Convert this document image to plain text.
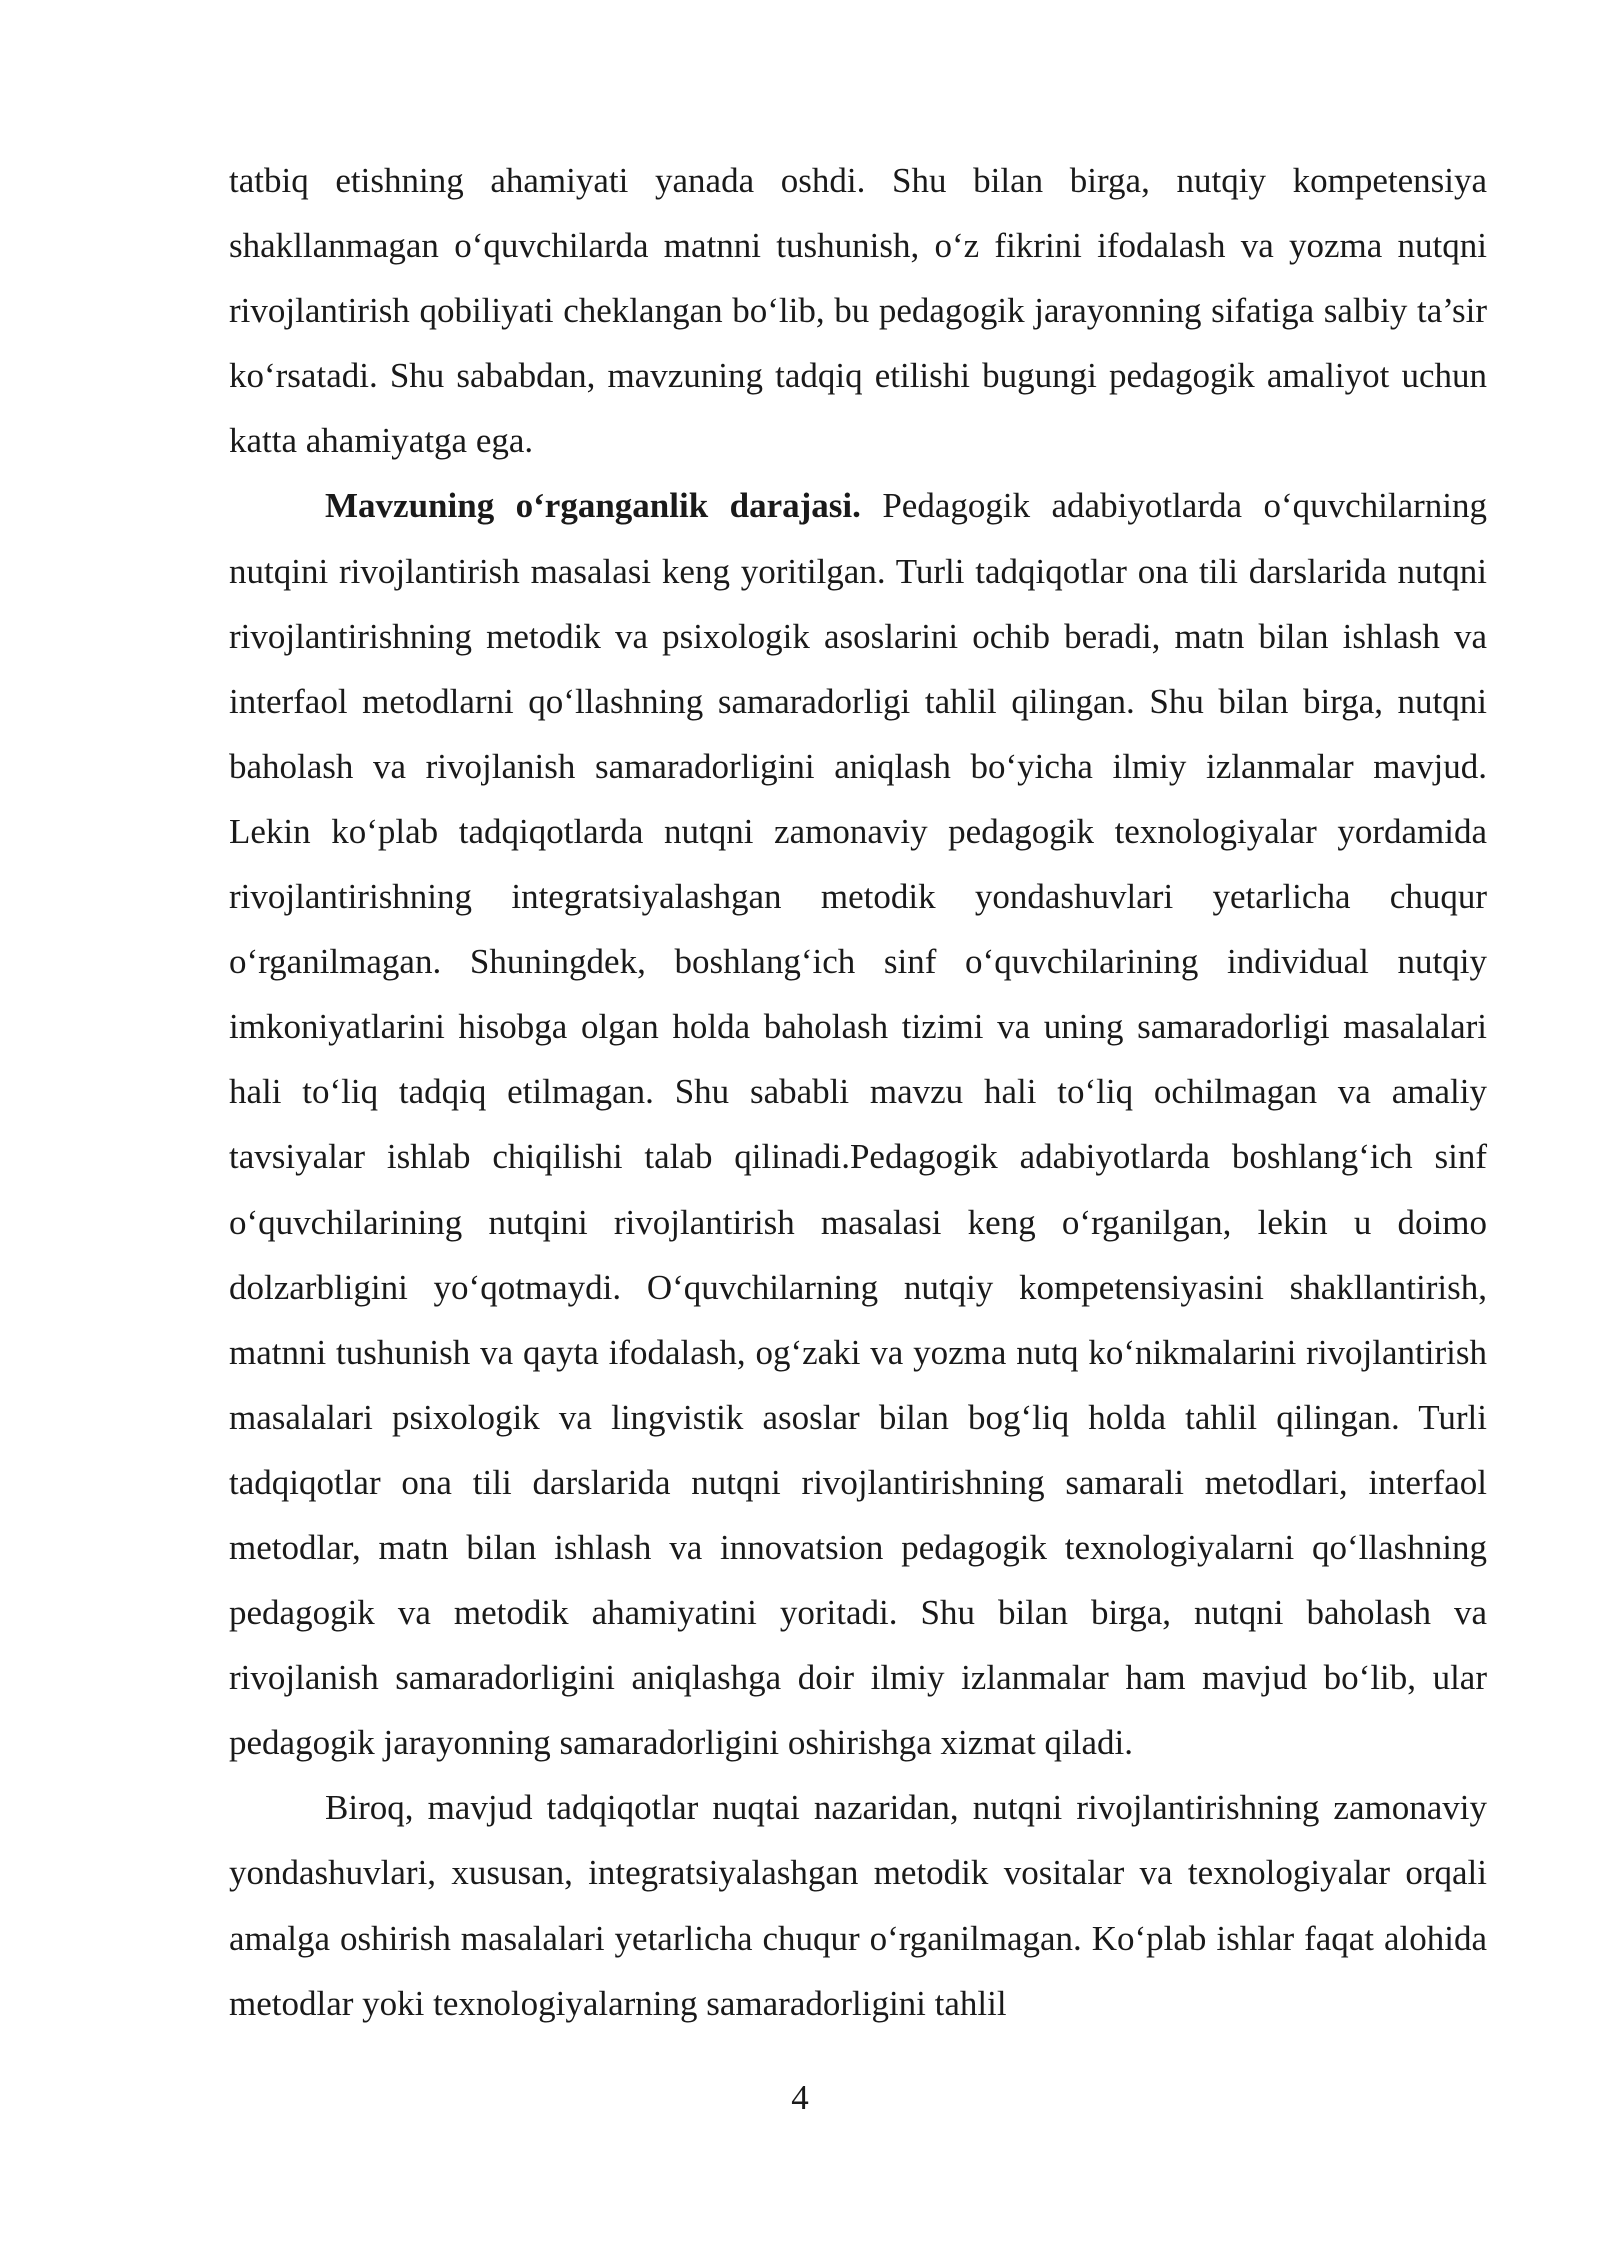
tatbiq etishning ahamiyati yanada oshdi. Shu bilan birga, nutqiy kompetensiya shakllanmagan o‘quvchilarda matnni tushunish, o‘z fikrini ifodalash va yozma nutqni rivojlantirish qobiliyati cheklangan bo‘lib, bu pedagogik jarayonning sifatiga salbiy ta’sir ko‘rsatadi. Shu sababdan, mavzuning tadqiq etilishi bugungi pedagogik amaliyot uchun katta ahamiyatga ega.

Mavzuning o‘rganganlik darajasi. Pedagogik adabiyotlarda o‘quvchilarning nutqini rivojlantirish masalasi keng yoritilgan. Turli tadqiqotlar ona tili darslarida nutqni rivojlantirishning metodik va psixologik asoslarini ochib beradi, matn bilan ishlash va interfaol metodlarni qo‘llashning samaradorligi tahlil qilingan. Shu bilan birga, nutqni baholash va rivojlanish samaradorligini aniqlash bo‘yicha ilmiy izlanmalar mavjud. Lekin ko‘plab tadqiqotlarda nutqni zamonaviy pedagogik texnologiyalar yordamida rivojlantirishning integratsiyalashgan metodik yondashuvlari yetarlicha chuqur o‘rganilmagan. Shuningdek, boshlang‘ich sinf o‘quvchilarining individual nutqiy imkoniyatlarini hisobga olgan holda baholash tizimi va uning samaradorligi masalalari hali to‘liq tadqiq etilmagan. Shu sababli mavzu hali to‘liq ochilmagan va amaliy tavsiyalar ishlab chiqilishi talab qilinadi.Pedagogik adabiyotlarda boshlang‘ich sinf o‘quvchilarining nutqini rivojlantirish masalasi keng o‘rganilgan, lekin u doimo dolzarbligini yo‘qotmaydi. O‘quvchilarning nutqiy kompetensiyasini shakllantirish, matnni tushunish va qayta ifodalash, og‘zaki va yozma nutq ko‘nikmalarini rivojlantirish masalalari psixologik va lingvistik asoslar bilan bog‘liq holda tahlil qilingan. Turli tadqiqotlar ona tili darslarida nutqni rivojlantirishning samarali metodlari, interfaol metodlar, matn bilan ishlash va innovatsion pedagogik texnologiyalarni qo‘llashning pedagogik va metodik ahamiyatini yoritadi. Shu bilan birga, nutqni baholash va rivojlanish samaradorligini aniqlashga doir ilmiy izlanmalar ham mavjud bo‘lib, ular pedagogik jarayonning samaradorligini oshirishga xizmat qiladi.

Biroq, mavjud tadqiqotlar nuqtai nazaridan, nutqni rivojlantirishning zamonaviy yondashuvlari, xususan, integratsiyalashgan metodik vositalar va texnologiyalar orqali amalga oshirish masalalari yetarlicha chuqur o‘rganilmagan. Ko‘plab ishlar faqat alohida metodlar yoki texnologiyalarning samaradorligini tahlil

4
